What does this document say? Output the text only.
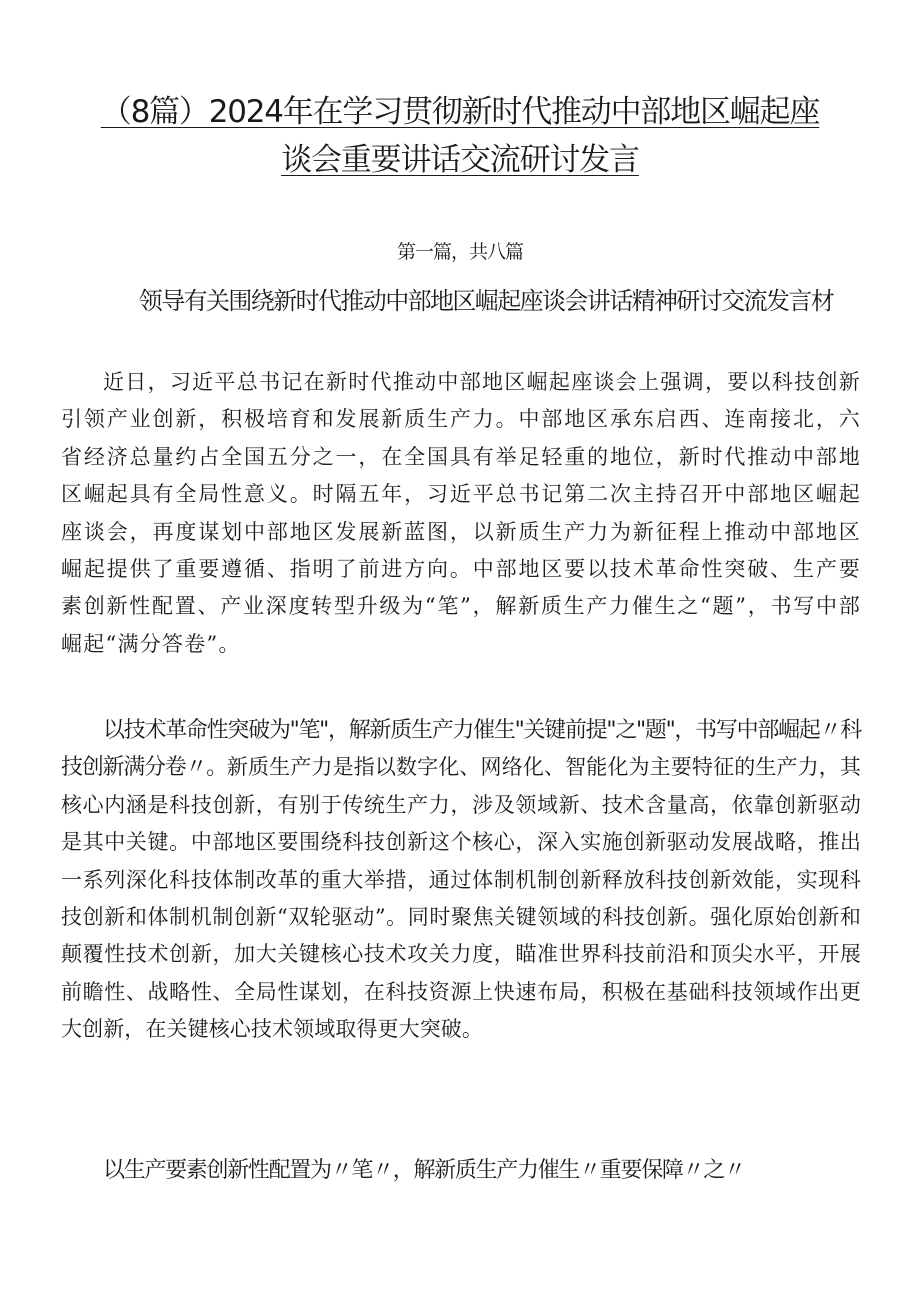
（8篇）2024年在学习贯彻新时代推动中部地区崛起座谈会重要讲话交流研讨发言
第一篇，共八篇
领导有关围绕新时代推动中部地区崛起座谈会讲话精神研讨交流发言材

近日，习近平总书记在新时代推动中部地区崛起座谈会上强调，要以科技创新引领产业创新，积极培育和发展新质生产力。中部地区承东启西、连南接北，六省经济总量约占全国五分之一，在全国具有举足轻重的地位，新时代推动中部地区崛起具有全局性意义。时隔五年，习近平总书记第二次主持召开中部地区崛起座谈会，再度谋划中部地区发展新蓝图，以新质生产力为新征程上推动中部地区崛起提供了重要遵循、指明了前进方向。中部地区要以技术革命性突破、生产要素创新性配置、产业深度转型升级为“笔”，解新质生产力催生之“题”，书写中部崛起“满分答卷”。

以技术革命性突破为"笔"，解新质生产力催生"关键前提"之"题"，书写中部崛起〃科技创新满分卷〃。新质生产力是指以数字化、网络化、智能化为主要特征的生产力，其核心内涵是科技创新，有别于传统生产力，涉及领域新、技术含量高，依靠创新驱动是其中关键。中部地区要围绕科技创新这个核心，深入实施创新驱动发展战略，推出一系列深化科技体制改革的重大举措，通过体制机制创新释放科技创新效能，实现科技创新和体制机制创新“双轮驱动”。同时聚焦关键领域的科技创新。强化原始创新和颠覆性技术创新，加大关键核心技术攻关力度，瞄准世界科技前沿和顶尖水平，开展前瞻性、战略性、全局性谋划，在科技资源上快速布局，积极在基础科技领域作出更大创新，在关键核心技术领域取得更大突破。

以生产要素创新性配置为〃笔〃，解新质生产力催生〃重要保障〃之〃
